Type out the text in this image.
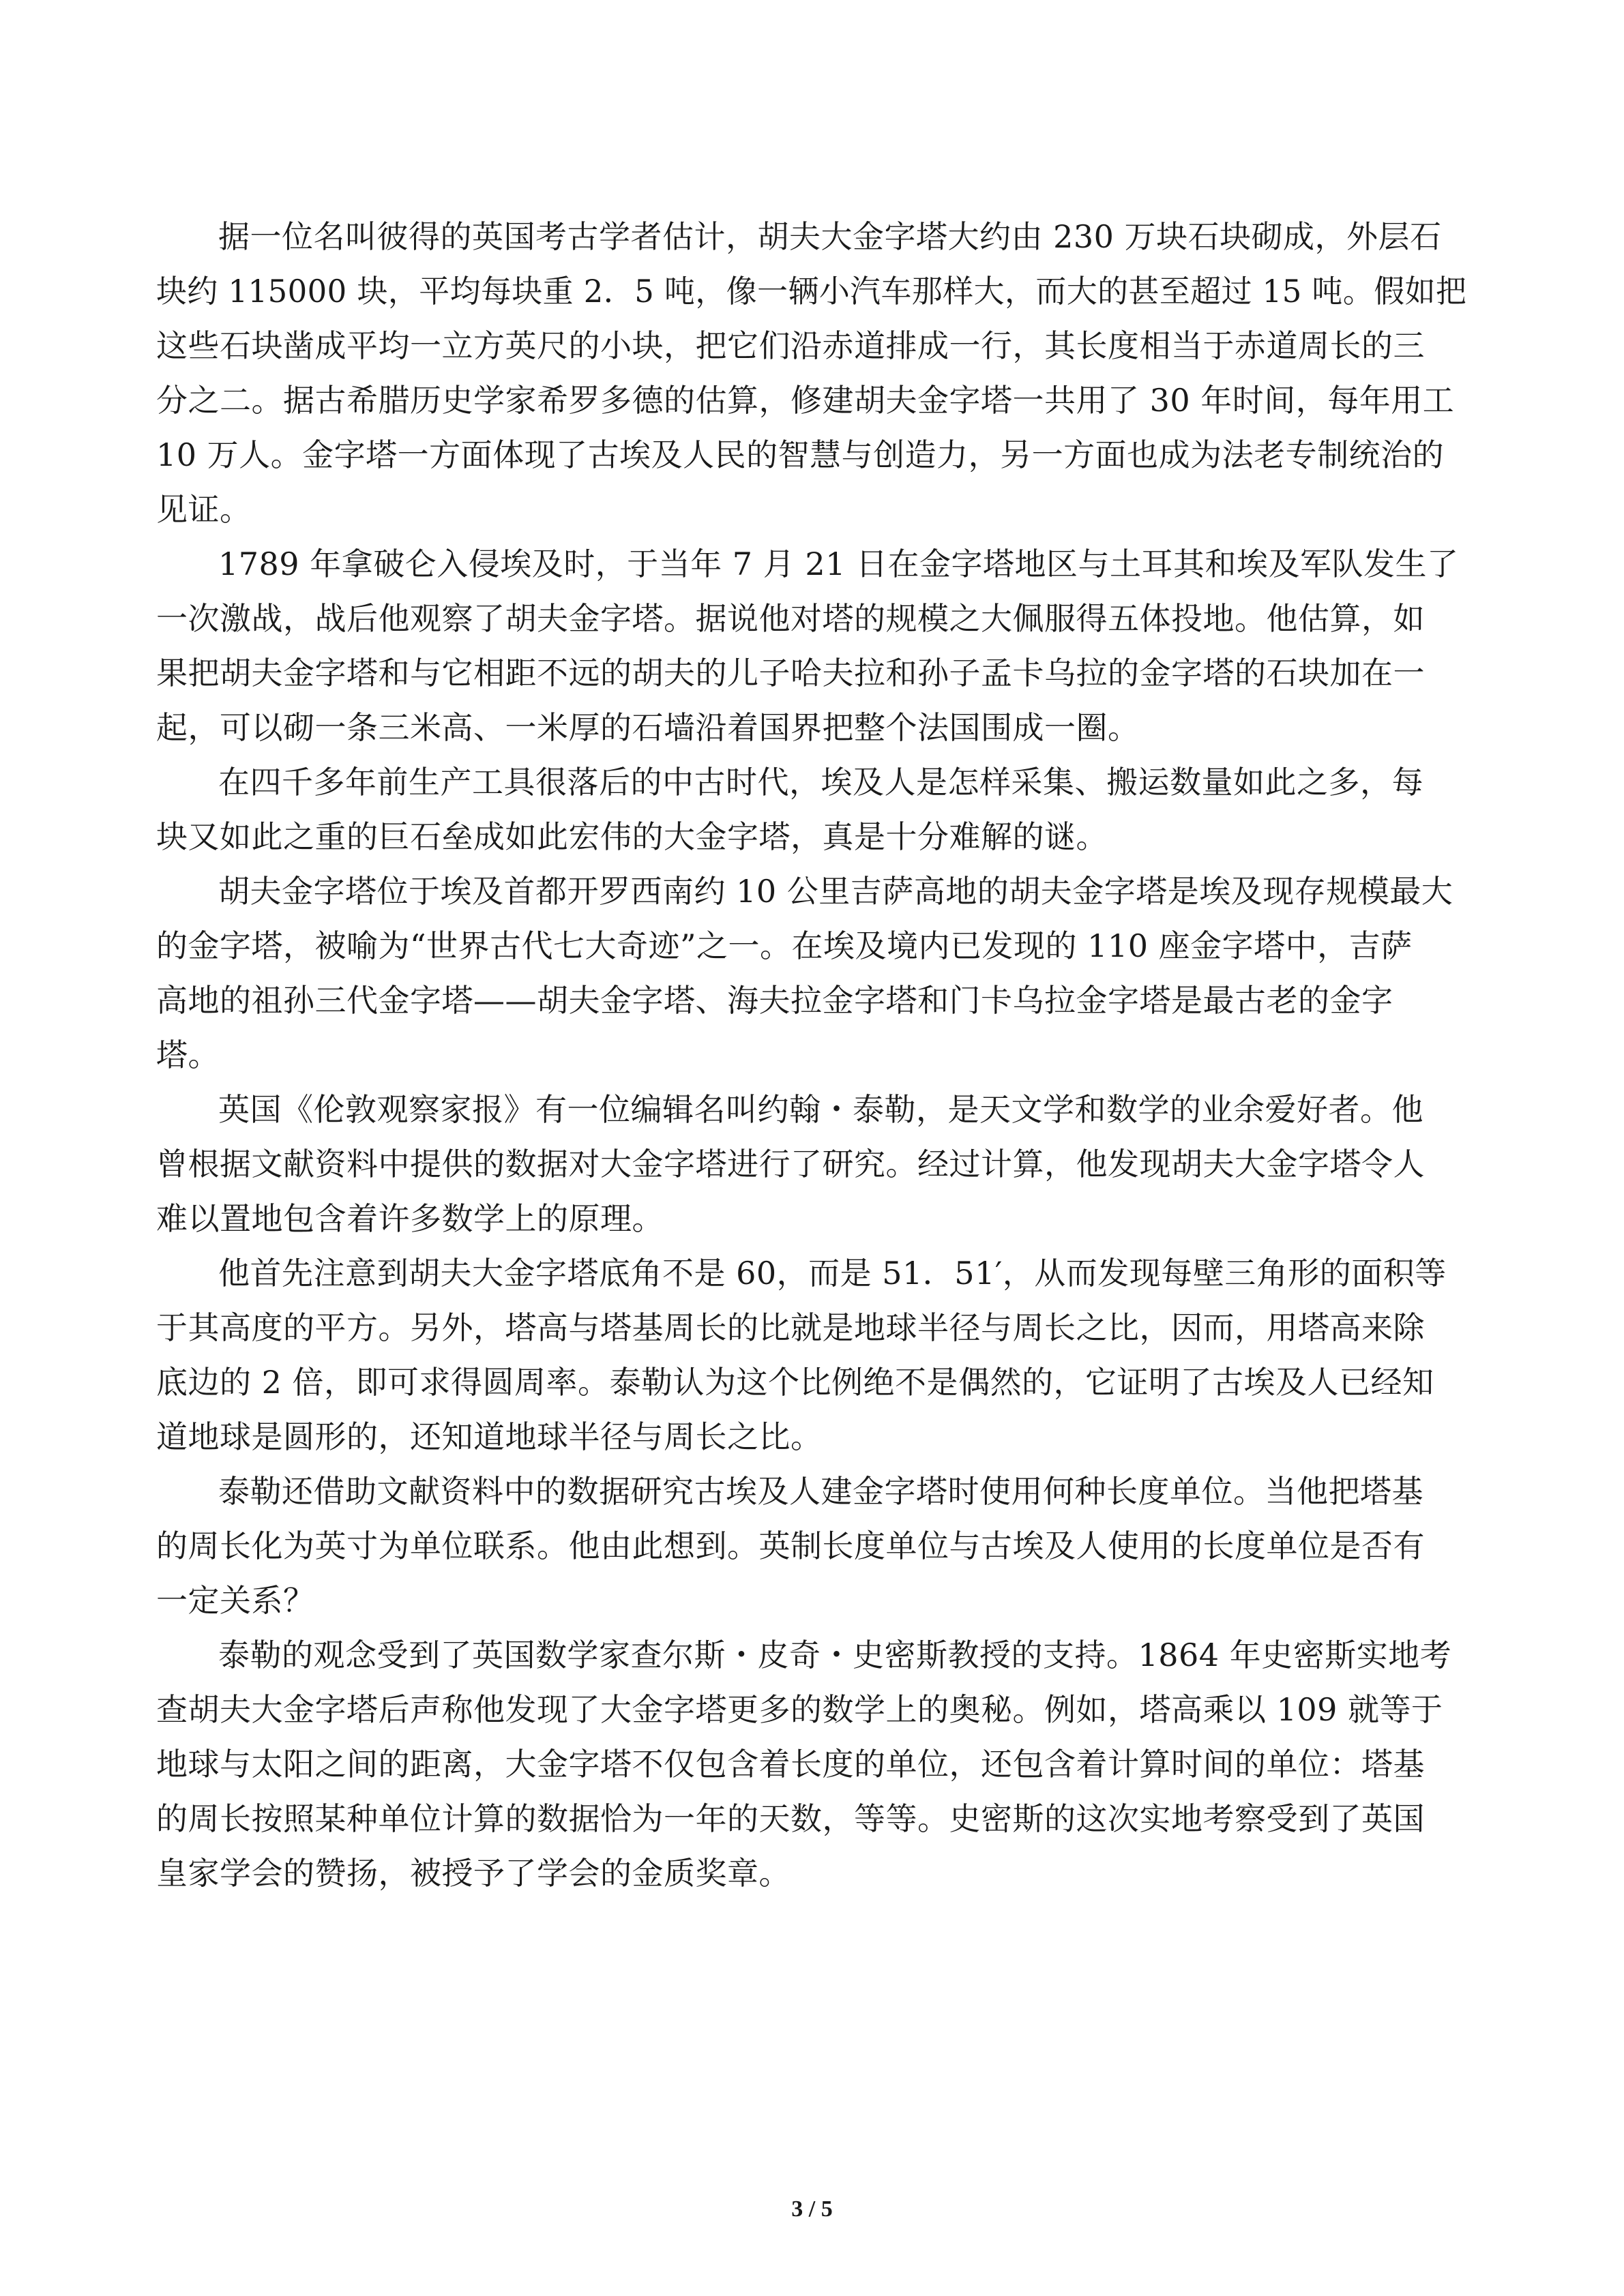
据一位名叫彼得的英国考古学者估计，胡夫大金字塔大约由 230 万块石块砌成，外层石
块约 115000 块，平均每块重 2．5 吨，像一辆小汽车那样大，而大的甚至超过 15 吨。假如把
这些石块凿成平均一立方英尺的小块，把它们沿赤道排成一行，其长度相当于赤道周长的三
分之二。据古希腊历史学家希罗多德的估算，修建胡夫金字塔一共用了 30 年时间，每年用工
10 万人。金字塔一方面体现了古埃及人民的智慧与创造力，另一方面也成为法老专制统治的
见证。
1789 年拿破仑入侵埃及时，于当年 7 月 21 日在金字塔地区与土耳其和埃及军队发生了
一次激战，战后他观察了胡夫金字塔。据说他对塔的规模之大佩服得五体投地。他估算，如
果把胡夫金字塔和与它相距不远的胡夫的儿子哈夫拉和孙子孟卡乌拉的金字塔的石块加在一
起，可以砌一条三米高、一米厚的石墙沿着国界把整个法国围成一圈。
在四千多年前生产工具很落后的中古时代，埃及人是怎样采集、搬运数量如此之多，每
块又如此之重的巨石垒成如此宏伟的大金字塔，真是十分难解的谜。
胡夫金字塔位于埃及首都开罗西南约 10 公里吉萨高地的胡夫金字塔是埃及现存规模最大
的金字塔，被喻为“世界古代七大奇迹”之一。在埃及境内已发现的 110 座金字塔中，吉萨
高地的祖孙三代金字塔——胡夫金字塔、海夫拉金字塔和门卡乌拉金字塔是最古老的金字
塔。
英国《伦敦观察家报》有一位编辑名叫约翰・泰勒，是天文学和数学的业余爱好者。他
曾根据文献资料中提供的数据对大金字塔进行了研究。经过计算，他发现胡夫大金字塔令人
难以置地包含着许多数学上的原理。
他首先注意到胡夫大金字塔底角不是 60，而是 51．51′，从而发现每壁三角形的面积等
于其高度的平方。另外，塔高与塔基周长的比就是地球半径与周长之比，因而，用塔高来除
底边的 2 倍，即可求得圆周率。泰勒认为这个比例绝不是偶然的，它证明了古埃及人已经知
道地球是圆形的，还知道地球半径与周长之比。
泰勒还借助文献资料中的数据研究古埃及人建金字塔时使用何种长度单位。当他把塔基
的周长化为英寸为单位联系。他由此想到。英制长度单位与古埃及人使用的长度单位是否有
一定关系？
泰勒的观念受到了英国数学家查尔斯・皮奇・史密斯教授的支持。1864 年史密斯实地考
查胡夫大金字塔后声称他发现了大金字塔更多的数学上的奥秘。例如，塔高乘以 109 就等于
地球与太阳之间的距离，大金字塔不仅包含着长度的单位，还包含着计算时间的单位：塔基
的周长按照某种单位计算的数据恰为一年的天数，等等。史密斯的这次实地考察受到了英国
皇家学会的赞扬，被授予了学会的金质奖章。
3 / 5
